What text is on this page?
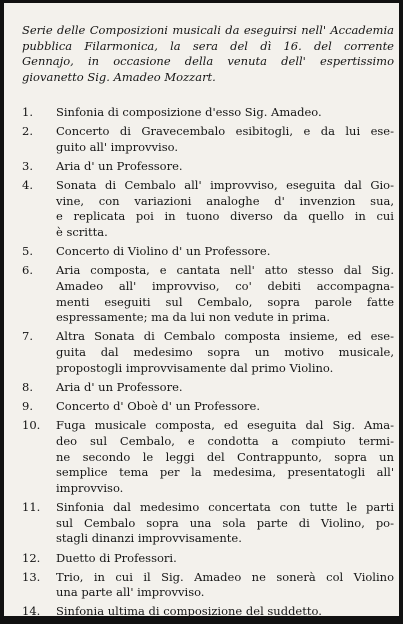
Serie delle Composizioni musicali da eseguirsi nell' Accademia
pubblica Filarmonica, la sera del dì 16. del corrente
Gennajo, in occasione della venuta dell' espertissimo
giovanetto Sig. Amadeo Mozzart.
1.	Sinfonia di composizione d'esso Sig. Amadeo.
2.	Concerto di Gravecembalo esibitogli, e da lui ese-
guito all' improvviso.
3.	Aria d' un Professore.
4.	Sonata di Cembalo all' improvviso, eseguita dal Gio-
vine, con variazioni analoghe d' invenzion sua,
e replicata poi in tuono diverso da quello in cui
è scritta.
5.	Concerto di Violino d' un Professore.
6.	Aria composta, e cantata nell' atto stesso dal Sig.
Amadeo all' improvviso, co' debiti accompagna-
menti eseguiti sul Cembalo, sopra parole fatte
espressamente; ma da lui non vedute in prima.
7.	Altra Sonata di Cembalo composta insieme, ed ese-
guita dal medesimo sopra un motivo musicale,
propostogli improvvisamente dal primo Violino.
8.	Aria d' un Professore.
9.	Concerto d' Oboè d' un Professore.
10.	Fuga musicale composta, ed eseguita dal Sig. Ama-
deo sul Cembalo, e condotta a compiuto termi-
ne secondo le leggi del Contrappunto, sopra un
semplice tema per la medesima, presentatogli all'
improvviso.
11.	Sinfonia dal medesimo concertata con tutte le parti
sul Cembalo sopra una sola parte di Violino, po-
stagli dinanzi improvvisamente.
12.	Duetto di Professori.
13.	Trio, in cui il Sig. Amadeo ne sonerà col Violino
una parte all' improvviso.
14.	Sinfonia ultima di composizione del suddetto.
